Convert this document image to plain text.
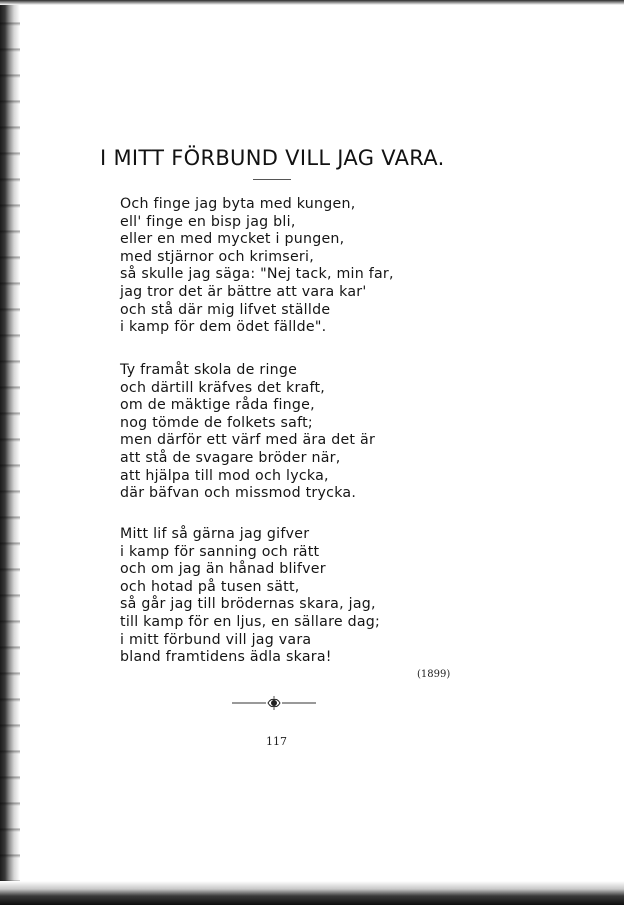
I MITT FÖRBUND VILL JAG VARA.
Och finge jag byta med kungen,
ell' finge en bisp jag bli,
eller en med mycket i pungen,
med stjärnor och krimseri,
så skulle jag säga: "Nej tack, min far,
jag tror det är bättre att vara kar'
och stå där mig lifvet ställde
i kamp för dem ödet fällde".
Ty framåt skola de ringe
och därtill kräfves det kraft,
om de mäktige råda finge,
nog tömde de folkets saft;
men därför ett värf med ära det är
att stå de svagare bröder när,
att hjälpa till mod och lycka,
där bäfvan och missmod trycka.
Mitt lif så gärna jag gifver
i kamp för sanning och rätt
och om jag än hånad blifver
och hotad på tusen sätt,
så går jag till brödernas skara, jag,
till kamp för en ljus, en sällare dag;
i mitt förbund vill jag vara
bland framtidens ädla skara!
(1899)
117
